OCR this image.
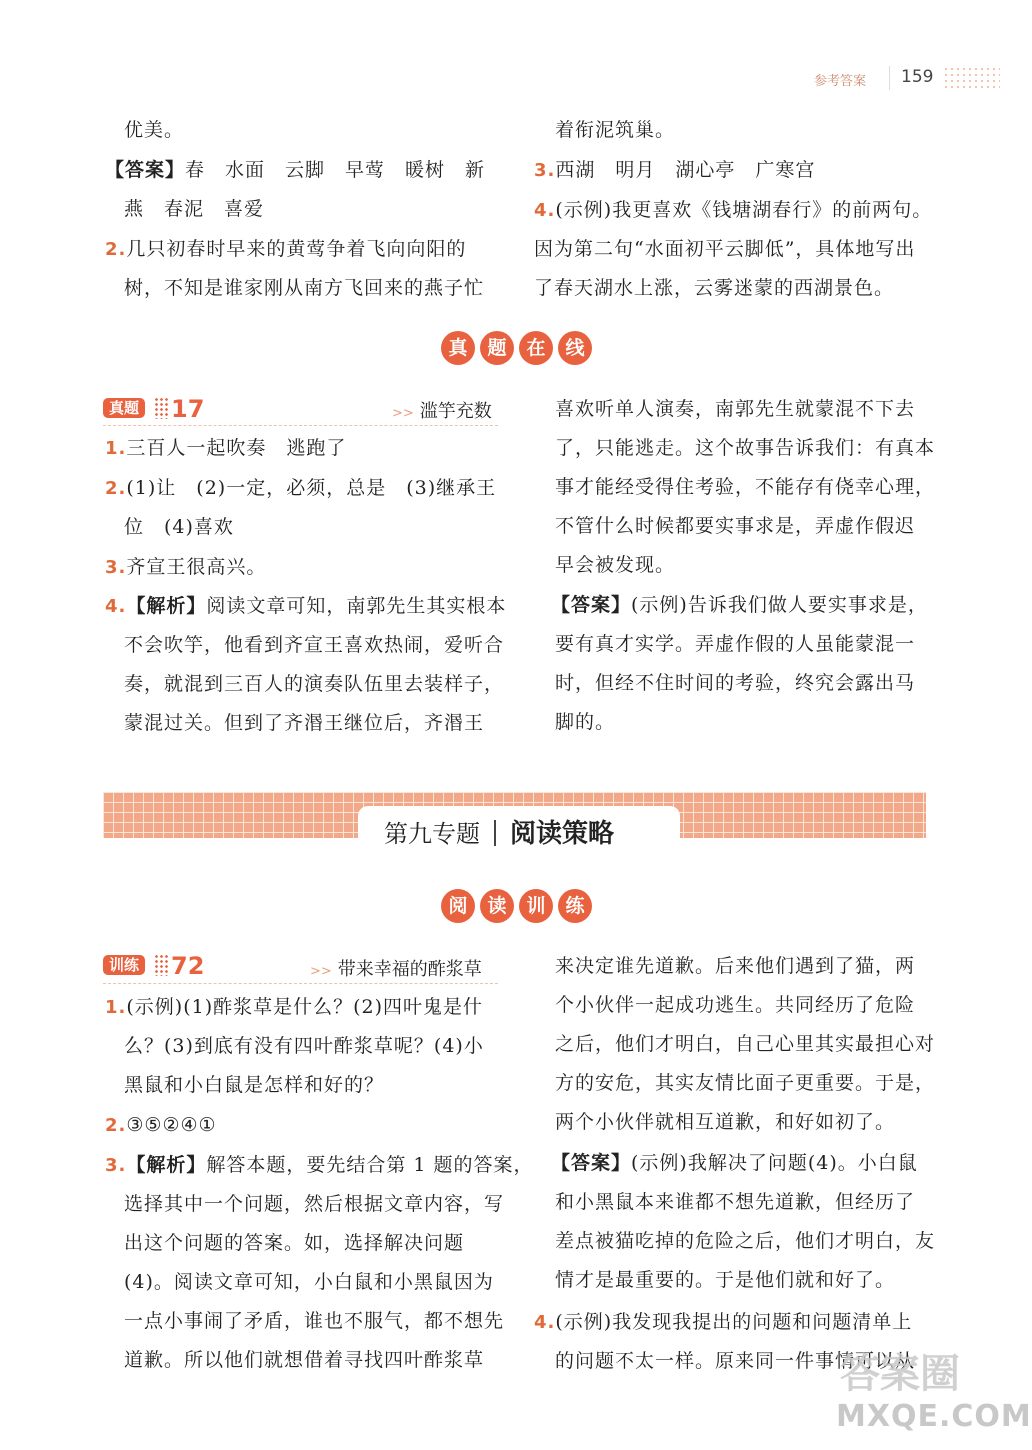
参考答案 159
优美。
【答案】春　水面　云脚　早莺　暖树　新
燕　春泥　喜爱
2.几只初春时早来的黄莺争着飞向向阳的
树，不知是谁家刚从南方飞回来的燕子忙
着衔泥筑巢。
3.西湖　明月　湖心亭　广寒宫
4.(示例)我更喜欢《钱塘湖春行》的前两句。
因为第二句“水面初平云脚低”，具体地写出
了春天湖水上涨，云雾迷蒙的西湖景色。
真	题	在	线
真题 17	>> 滥竽充数
1.三百人一起吹奏　逃跑了
2.(1)让　(2)一定，必须，总是　(3)继承王
位　(4)喜欢
3.齐宣王很高兴。
4.【解析】阅读文章可知，南郭先生其实根本
不会吹竽，他看到齐宣王喜欢热闹，爱听合
奏，就混到三百人的演奏队伍里去装样子，
蒙混过关。但到了齐湣王继位后，齐湣王
喜欢听单人演奏，南郭先生就蒙混不下去
了，只能逃走。这个故事告诉我们：有真本
事才能经受得住考验，不能存有侥幸心理，
不管什么时候都要实事求是，弄虚作假迟
早会被发现。
【答案】(示例)告诉我们做人要实事求是，
要有真才实学。弄虚作假的人虽能蒙混一
时，但经不住时间的考验，终究会露出马
脚的。
第九专题 阅读策略
阅	读	训	练
训练 72	>> 带来幸福的酢浆草
1.(示例)(1)酢浆草是什么？(2)四叶鬼是什
么？(3)到底有没有四叶酢浆草呢？(4)小
黑鼠和小白鼠是怎样和好的？
2.③⑤②④①
3.【解析】解答本题，要先结合第 1 题的答案，
选择其中一个问题，然后根据文章内容，写
出这个问题的答案。如，选择解决问题
(4)。阅读文章可知，小白鼠和小黑鼠因为
一点小事闹了矛盾，谁也不服气，都不想先
道歉。所以他们就想借着寻找四叶酢浆草
来决定谁先道歉。后来他们遇到了猫，两
个小伙伴一起成功逃生。共同经历了危险
之后，他们才明白，自己心里其实最担心对
方的安危，其实友情比面子更重要。于是，
两个小伙伴就相互道歉，和好如初了。
【答案】(示例)我解决了问题(4)。小白鼠
和小黑鼠本来谁都不想先道歉，但经历了
差点被猫吃掉的危险之后，他们才明白，友
情才是最重要的。于是他们就和好了。
4.(示例)我发现我提出的问题和问题清单上
的问题不太一样。原来同一件事情可以从
答案圈
MXQE.COM
